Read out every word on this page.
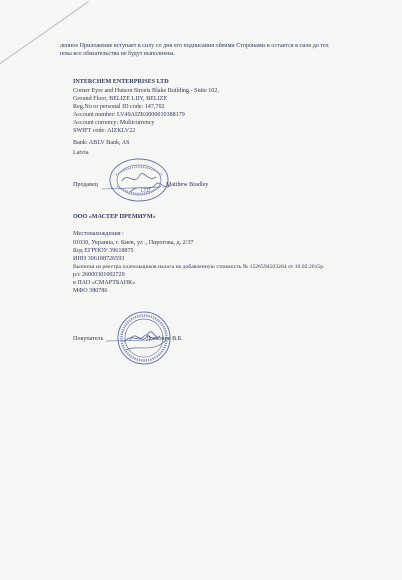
ленное Приложение вступает в силу со дня его подписания обеими Сторонами и остается в силе до тех
пока все обязательства не будут выполнены.
INTERCHEM ENTERPRISES LTD
Corner Eyre and Hutson Streets Blake Building - Suite 102,
Ground Floor, BELIZE LIIY, BELIZE
Reg.No or personal ID code: 147,702
Account number: LV49AIZK0000010388179
Account currency: Multicurrency
SWIFT code: AIZKLV22
Bank: ABLV Bank, AS
Latvia
LTD.
Продавец	Matthew Bradley
ООО «МАСТЕР ПРЕМИУМ»
Местонахождения :
01030, Украина, г. Киев, ул ., Пирогова, д. 2/37
Код ЕГРПОУ 39618875
ИНН 396188726593
Выписка из реестра плательщиков налога на добавленную стоимость № 1526594503264 от 10.02.2015р.
р/с 26000301002729
в ПАО «СМАРТБАНК»
МФО 380786
Покупатель	Дьяконов В.Б.
